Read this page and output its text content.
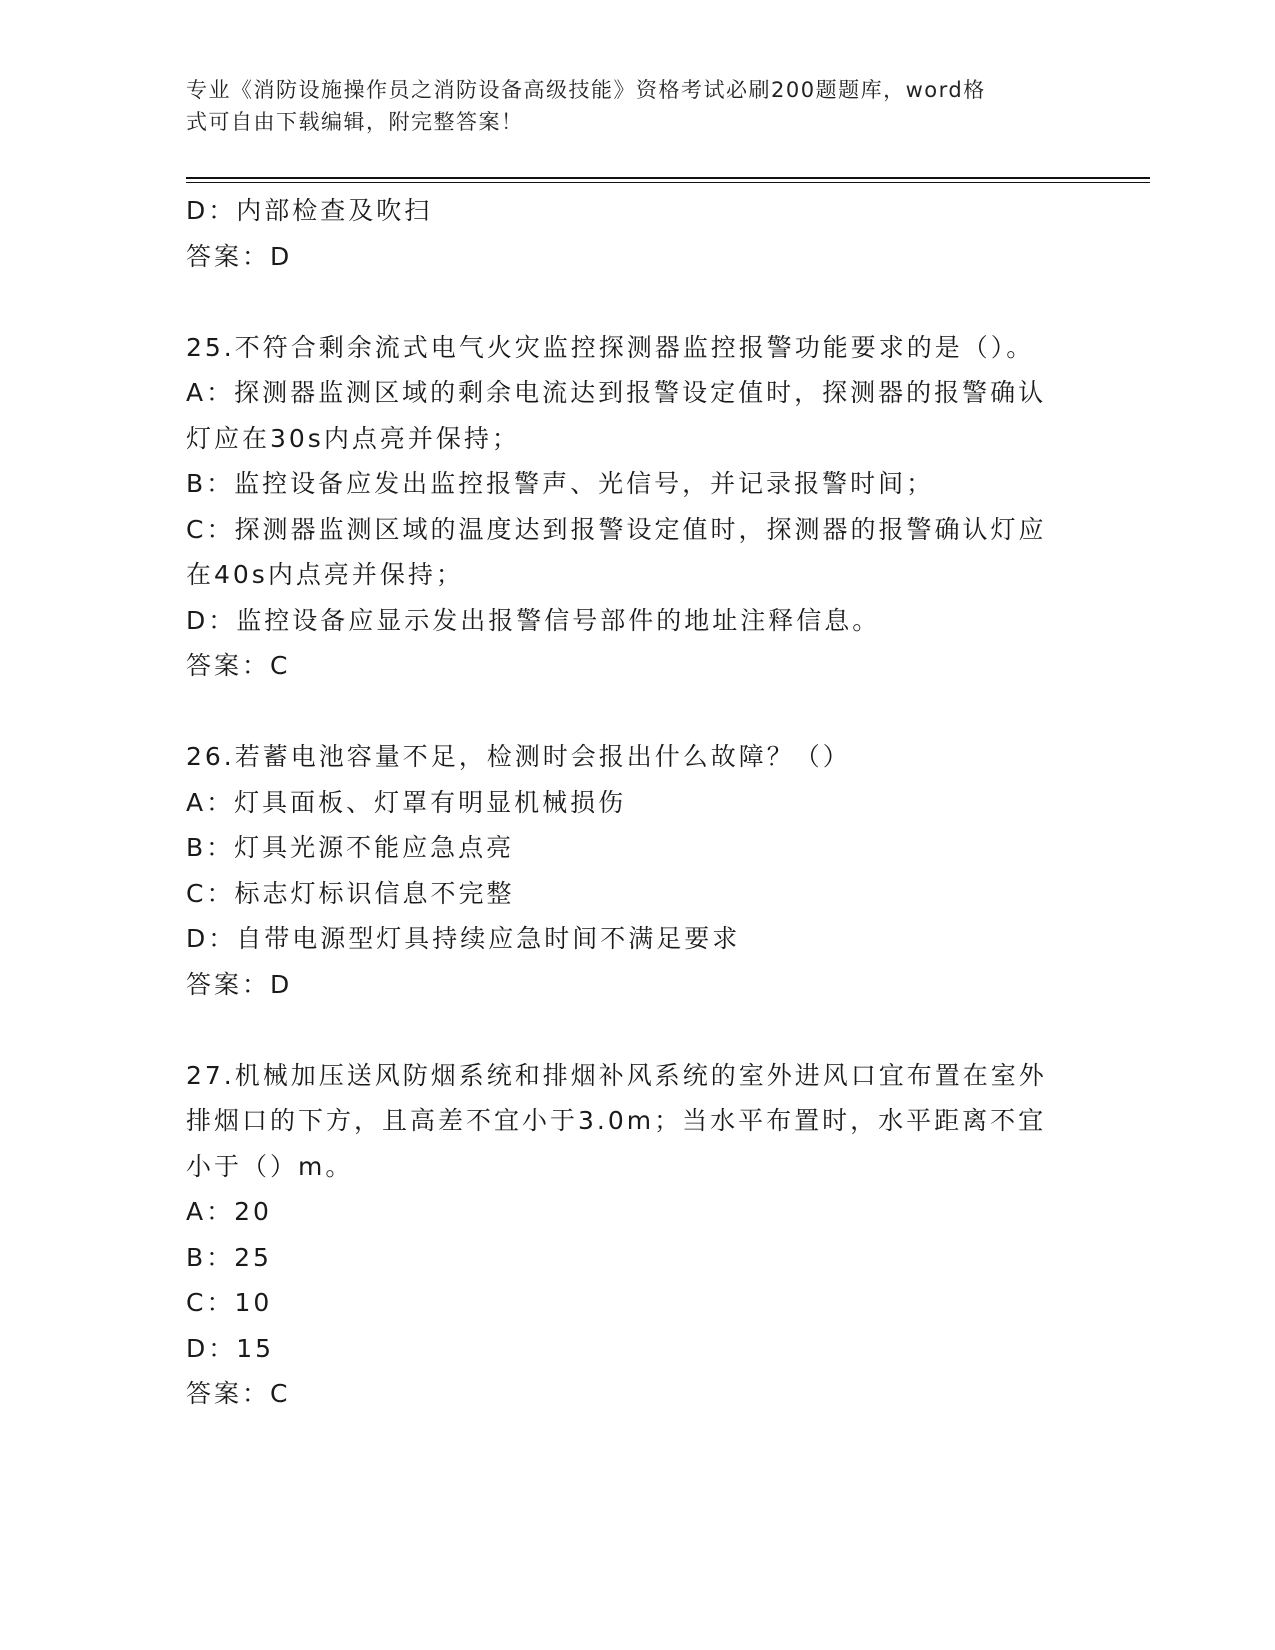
专业《消防设施操作员之消防设备高级技能》资格考试必刷200题题库，word格
式可自由下载编辑，附完整答案！
D：内部检查及吹扫
答案：D
25.不符合剩余流式电气火灾监控探测器监控报警功能要求的是（）。
A：探测器监测区域的剩余电流达到报警设定值时，探测器的报警确认
灯应在30s内点亮并保持；
B：监控设备应发出监控报警声、光信号，并记录报警时间；
C：探测器监测区域的温度达到报警设定值时，探测器的报警确认灯应
在40s内点亮并保持；
D：监控设备应显示发出报警信号部件的地址注释信息。
答案：C
26.若蓄电池容量不足，检测时会报出什么故障？（）
A：灯具面板、灯罩有明显机械损伤
B：灯具光源不能应急点亮
C：标志灯标识信息不完整
D：自带电源型灯具持续应急时间不满足要求
答案：D
27.机械加压送风防烟系统和排烟补风系统的室外进风口宜布置在室外
排烟口的下方，且高差不宜小于3.0m；当水平布置时，水平距离不宜
小于（）m。
A：20
B：25
C：10
D：15
答案：C
